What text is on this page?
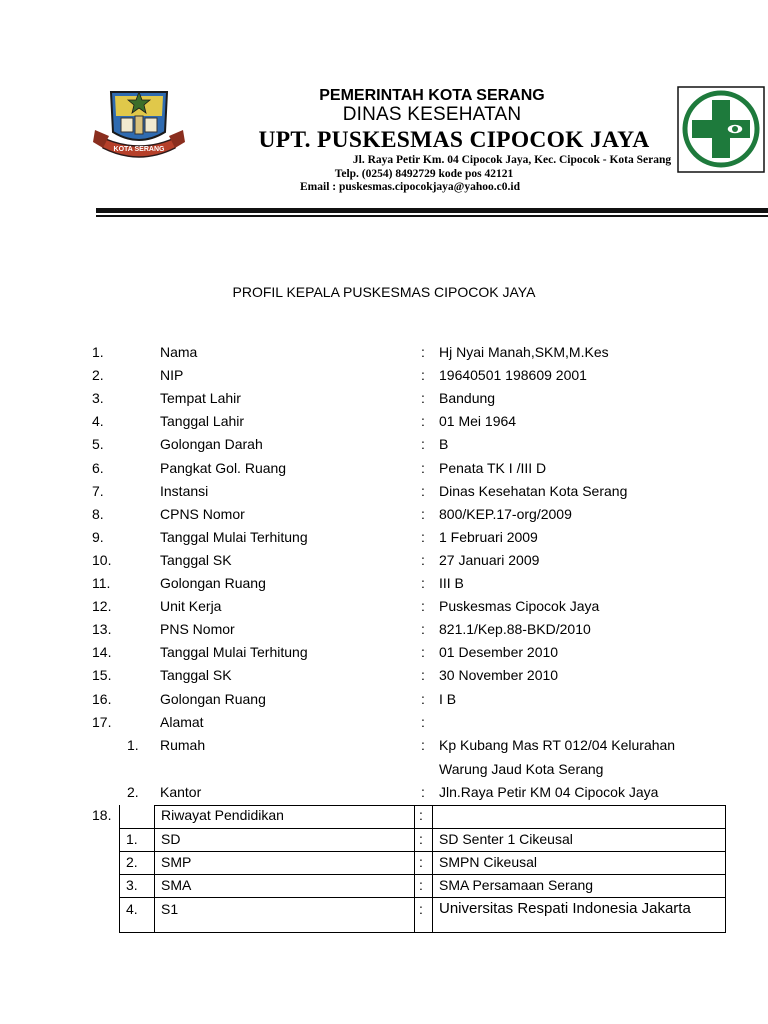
KOTA SERANG
PEMERINTAH KOTA SERANG
DINAS KESEHATAN
UPT. PUSKESMAS CIPOCOK JAYA
Jl. Raya Petir Km. 04 Cipocok Jaya, Kec. Cipocok - Kota Serang
Telp. (0254) 8492729 kode pos 42121
Email : puskesmas.cipocokjaya@yahoo.c0.id
PROFIL KEPALA PUSKESMAS CIPOCOK JAYA
1.	Nama	: Hj Nyai Manah,SKM,M.Kes
2.	NIP	: 19640501 198609 2001
3.	Tempat Lahir	: Bandung
4.	Tanggal Lahir	: 01 Mei 1964
5.	Golongan Darah	: B
6.	Pangkat Gol. Ruang	: Penata TK I /III D
7.	Instansi	: Dinas Kesehatan Kota Serang
8.	CPNS Nomor	: 800/KEP.17-org/2009
9.	Tanggal Mulai Terhitung	: 1 Februari 2009
10.	Tanggal SK	: 27 Januari 2009
11.	Golongan Ruang	: III B
12.	Unit Kerja	: Puskesmas Cipocok Jaya
13.	PNS Nomor	: 821.1/Kep.88-BKD/2010
14.	Tanggal Mulai Terhitung	: 01 Desember 2010
15.	Tanggal SK	: 30 November 2010
16.	Golongan Ruang	: I B
17.	Alamat	:
1. Rumah	: Kp Kubang Mas RT 012/04 Kelurahan
Warung Jaud Kota Serang
2. Kantor	: Jln.Raya Petir KM 04 Cipocok Jaya
18.	Riwayat Pendidikan	:
1. SD	: SD Senter 1 Cikeusal
2. SMP	: SMPN Cikeusal
3. SMA	: SMA Persamaan Serang
4. S1	: Universitas Respati Indonesia Jakarta
